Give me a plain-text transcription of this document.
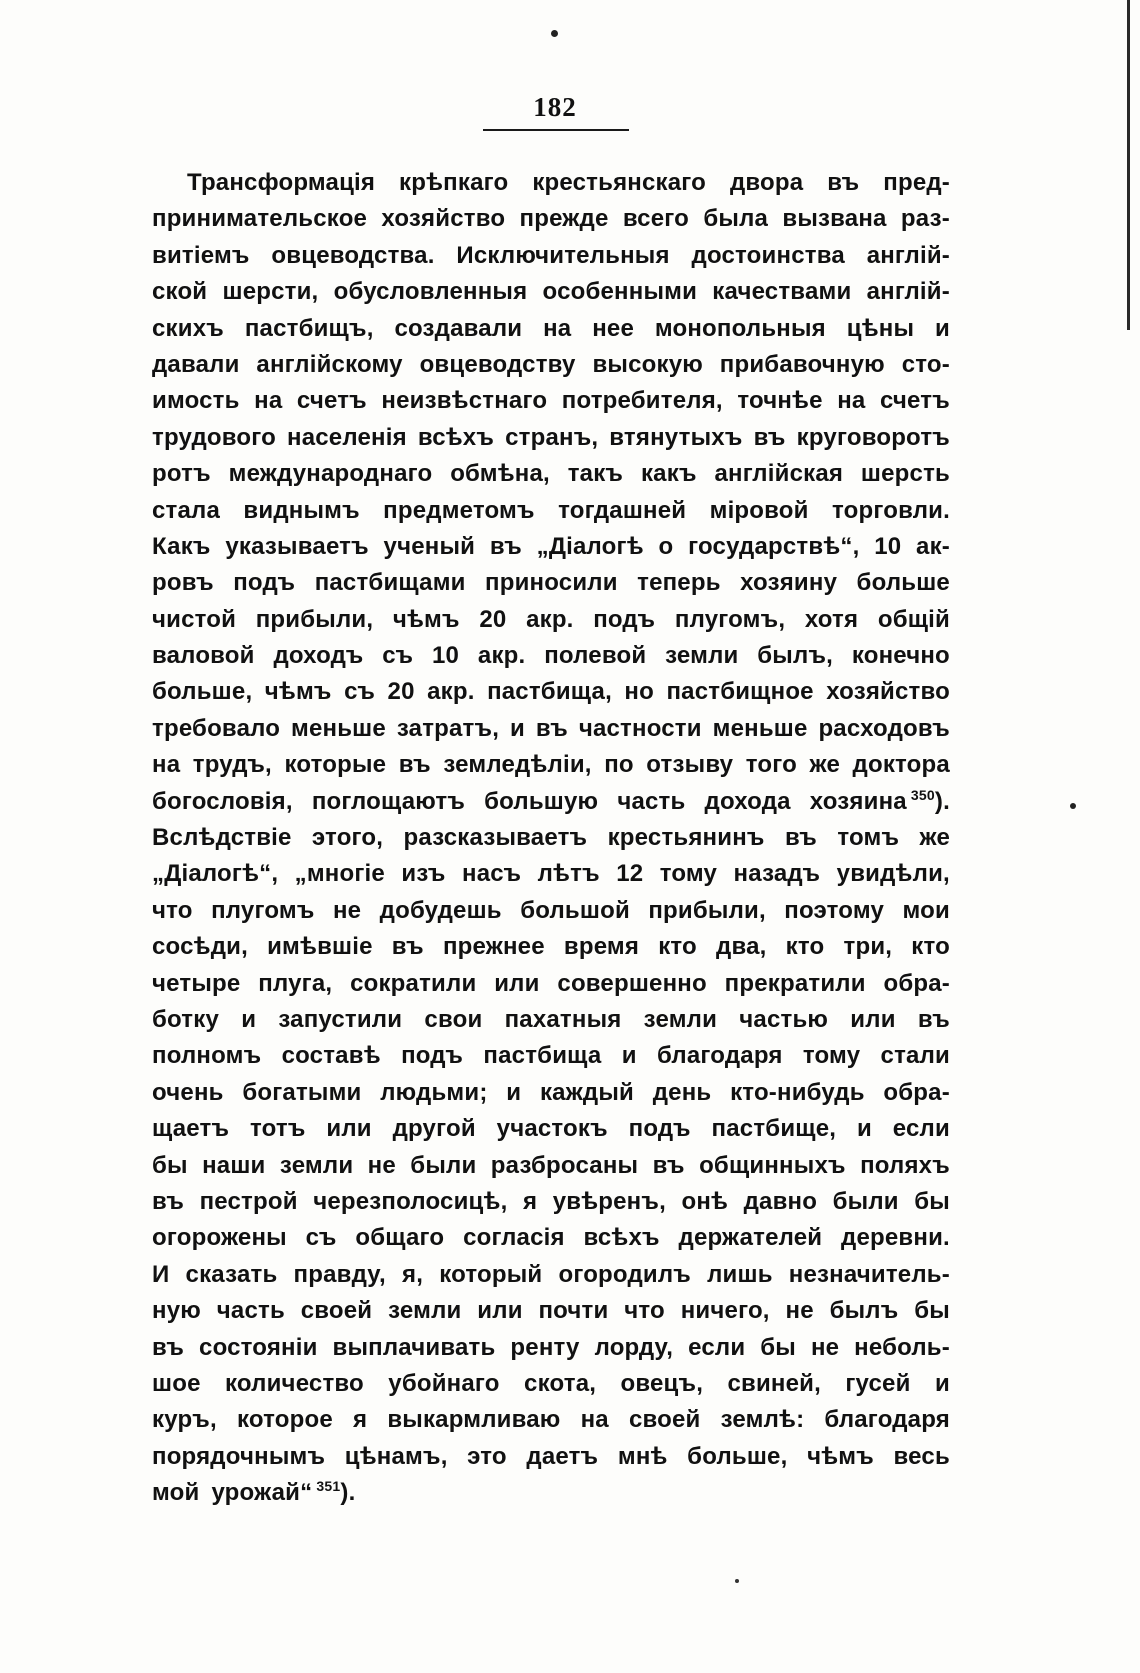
182
Трансформація крѣпкаго крестьянскаго двора въ пред-
принимательское хозяйство прежде всего была вызвана раз-
витіемъ овцеводства. Исключительныя достоинства англій-
ской шерсти, обусловленныя особенными качествами англій-
скихъ пастбищъ, создавали на нее монопольныя цѣны и
давали англійскому овцеводству высокую прибавочную сто-
имость на счетъ неизвѣстнаго потребителя, точнѣе на счетъ
трудового населенія всѣхъ странъ, втянутыхъ въ круговоротъ
ротъ международнаго обмѣна, такъ какъ англійская шерсть
стала виднымъ предметомъ тогдашней міровой торговли.
Какъ указываетъ ученый въ „Діалогѣ о государствѣ“, 10 ак-
ровъ подъ пастбищами приносили теперь хозяину больше
чистой прибыли, чѣмъ 20 акр. подъ плугомъ, хотя общій
валовой доходъ съ 10 акр. полевой земли былъ, конечно
больше, чѣмъ съ 20 акр. пастбища, но пастбищное хозяйство
требовало меньше затратъ, и въ частности меньше расходовъ
на трудъ, которые въ земледѣліи, по отзыву того же доктора
богословія, поглощаютъ большую часть дохода хозяина $^{350}$).
Вслѣдствіе этого, разсказываетъ крестьянинъ въ томъ же
„Діалогѣ“, „многіе изъ насъ лѣтъ 12 тому назадъ увидѣли,
что плугомъ не добудешь большой прибыли, поэтому мои
сосѣди, имѣвшіе въ прежнее время кто два, кто три, кто
четыре плуга, сократили или совершенно прекратили обра-
ботку и запустили свои пахатныя земли частью или въ
полномъ составѣ подъ пастбища и благодаря тому стали
очень богатыми людьми; и каждый день кто-нибудь обра-
щаетъ тотъ или другой участокъ подъ пастбище, и если
бы наши земли не были разбросаны въ общинныхъ поляхъ
въ пестрой черезполосицѣ, я увѣренъ, онѣ давно были бы
огорожены съ общаго согласія всѣхъ держателей деревни.
И сказать правду, я, который огородилъ лишь незначитель-
ную часть своей земли или почти что ничего, не былъ бы
въ состояніи выплачивать ренту лорду, если бы не неболь-
шое количество убойнаго скота, овецъ, свиней, гусей и
куръ, которое я выкармливаю на своей землѣ: благодаря
порядочнымъ цѣнамъ, это даетъ мнѣ больше, чѣмъ весь
мой урожай“ $^{351}$).
